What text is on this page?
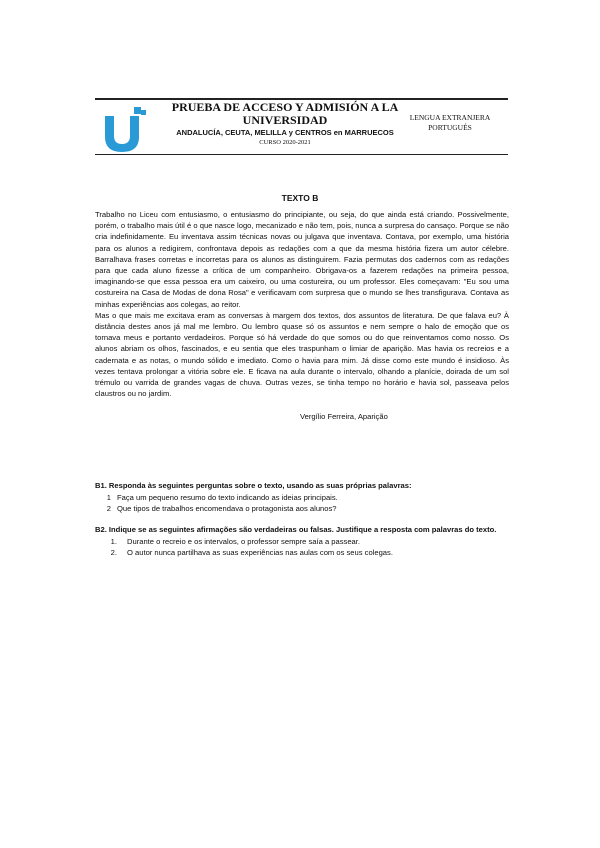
PRUEBA DE ACCESO Y ADMISIÓN A LA
UNIVERSIDAD
ANDALUCÍA, CEUTA, MELILLA y CENTROS en MARRUECOS
CURSO 2020-2021
LENGUA EXTRANJERA
PORTUGUÉS
TEXTO B

Trabalho no Liceu com entusiasmo, o entusiasmo do principiante, ou seja, do que ainda está criando. Possivelmente, porém, o trabalho mais útil é o que nasce logo, mecanizado e não tem, pois, nunca a surpresa do cansaço. Porque se não cria indefinidamente. Eu inventava assim técnicas novas ou julgava que inventava. Contava, por exemplo, uma história para os alunos a redigirem, confrontava depois as redações com a que da mesma história fizera um autor célebre. Barralhava frases corretas e incorretas para os alunos as distinguirem. Fazia permutas dos cadernos com as redações para que cada aluno fizesse a crítica de um companheiro. Obrigava-os a fazerem redações na primeira pessoa, imaginando-se que essa pessoa era um caixeiro, ou uma costureira, ou um professor. Eles começavam: "Eu sou uma costureira na Casa de Modas de dona Rosa" e verificavam com surpresa que o mundo se lhes transfigurava. Contava as minhas experiências aos colegas, ao reitor.

Mas o que mais me excitava eram as conversas à margem dos textos, dos assuntos de literatura. De que falava eu? À distância destes anos já mal me lembro. Ou lembro quase só os assuntos e nem sempre o halo de emoção que os tornava meus e portanto verdadeiros. Porque só há verdade do que somos ou do que reinventamos como nosso. Os alunos abriam os olhos, fascinados, e eu sentia que eles traspunham o limiar de aparição. Mas havia os recreios e a cadernata e as notas, o mundo sólido e imediato. Como o havia para mim. Já disse como este mundo é insidioso. Às vezes tentava prolongar a vitória sobre ele. E ficava na aula durante o intervalo, olhando a planície, doirada de um sol trémulo ou varrida de grandes vagas de chuva. Outras vezes, se tinha tempo no horário e havia sol, passeava pelos claustros ou no jardim.

Vergílio Ferreira, Aparição

B1. Responda às seguintes perguntas sobre o texto, usando as suas próprias palavras:

1 Faça um pequeno resumo do texto indicando as ideias principais.
2 Que tipos de trabalhos encomendava o protagonista aos alunos?

B2. Indique se as seguintes afirmações são verdadeiras ou falsas. Justifique a resposta com palavras do texto.

1. Durante o recreio e os intervalos, o professor sempre saía a passear.
2. O autor nunca partilhava as suas experiências nas aulas com os seus colegas.
